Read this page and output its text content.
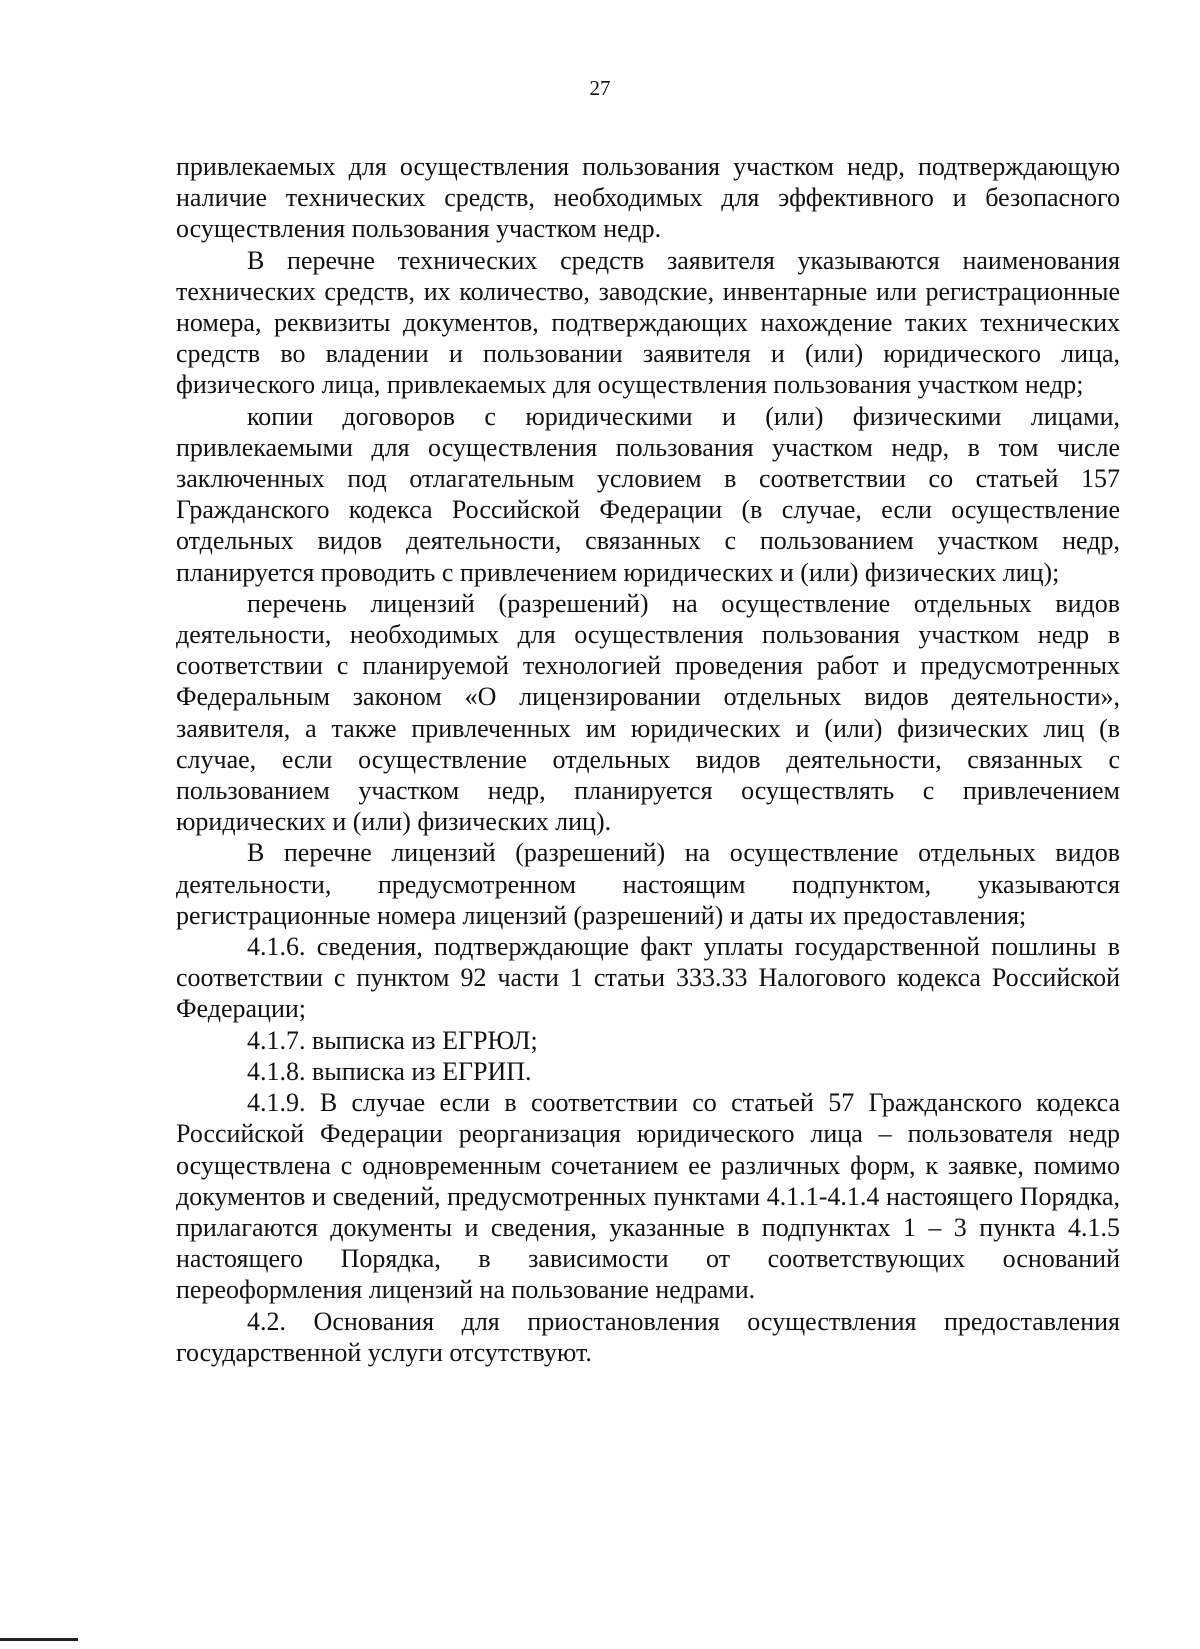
27

привлекаемых для осуществления пользования участком недр, подтверждающую наличие технических средств, необходимых для эффективного и безопасного осуществления пользования участком недр.

В перечне технических средств заявителя указываются наименования технических средств, их количество, заводские, инвентарные или регистрационные номера, реквизиты документов, подтверждающих нахождение таких технических средств во владении и пользовании заявителя и (или) юридического лица, физического лица, привлекаемых для осуществления пользования участком недр;

копии договоров с юридическими и (или) физическими лицами, привлекаемыми для осуществления пользования участком недр, в том числе заключенных под отлагательным условием в соответствии со статьей 157 Гражданского кодекса Российской Федерации (в случае, если осуществление отдельных видов деятельности, связанных с пользованием участком недр, планируется проводить с привлечением юридических и (или) физических лиц);

перечень лицензий (разрешений) на осуществление отдельных видов деятельности, необходимых для осуществления пользования участком недр в соответствии с планируемой технологией проведения работ и предусмотренных Федеральным законом «О лицензировании отдельных видов деятельности», заявителя, а также привлеченных им юридических и (или) физических лиц (в случае, если осуществление отдельных видов деятельности, связанных с пользованием участком недр, планируется осуществлять с привлечением юридических и (или) физических лиц).

В перечне лицензий (разрешений) на осуществление отдельных видов деятельности, предусмотренном настоящим подпунктом, указываются регистрационные номера лицензий (разрешений) и даты их предоставления;

4.1.6. сведения, подтверждающие факт уплаты государственной пошлины в соответствии с пунктом 92 части 1 статьи 333.33 Налогового кодекса Российской Федерации;

4.1.7. выписка из ЕГРЮЛ;

4.1.8. выписка из ЕГРИП.

4.1.9. В случае если в соответствии со статьей 57 Гражданского кодекса Российской Федерации реорганизация юридического лица – пользователя недр осуществлена с одновременным сочетанием ее различных форм, к заявке, помимо документов и сведений, предусмотренных пунктами 4.1.1-4.1.4 настоящего Порядка, прилагаются документы и сведения, указанные в подпунктах 1 – 3 пункта 4.1.5 настоящего Порядка, в зависимости от соответствующих оснований переоформления лицензий на пользование недрами.

4.2. Основания для приостановления осуществления предоставления государственной услуги отсутствуют.
